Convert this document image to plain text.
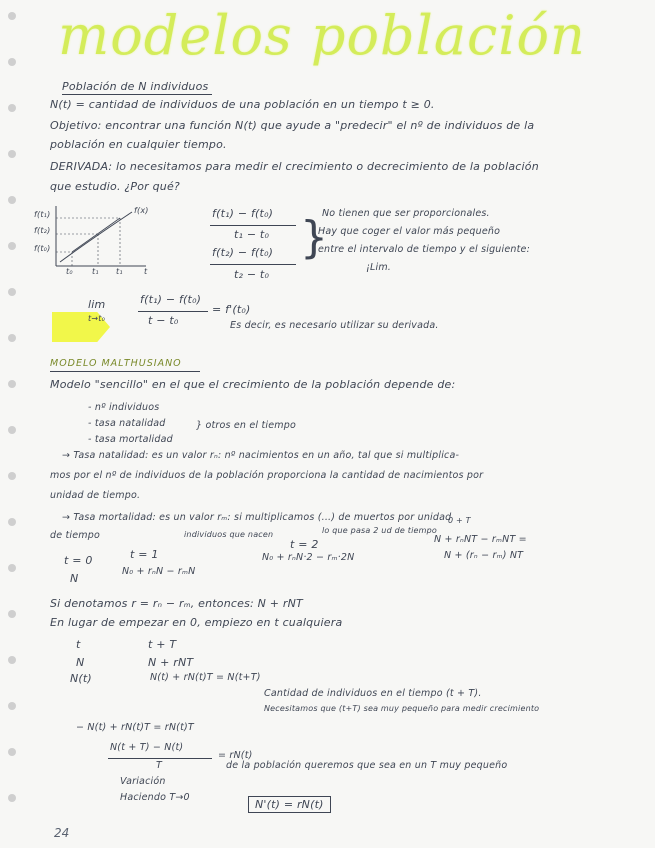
modelos población
Población de N individuos
N(t) = cantidad de individuos de una población en un tiempo t ≥ 0.
Objetivo: encontrar una función N(t) que ayude a "predecir" el nº de individuos de la
población en cualquier tiempo.
DERIVADA: lo necesitamos para medir el crecimiento o decrecimiento de la población
que estudio. ¿Por qué?
f(t₁)
f(t₂)
f(t₀)
t₀ t₁ t₁	t
f(x)	f(t₁) − f(t₀)
t₁ − t₀
f(t₂) − f(t₀)
t₂ − t₀
}
No tienen que ser proporcionales.
Hay que coger el valor más pequeño
entre el intervalo de tiempo y el siguiente:
¡Lim.
lim
t→t₀
f(t₁) − f(t₀)
t − t₀
= f'(t₀)
Es decir, es necesario utilizar su derivada.
MODELO MALTHUSIANO
Modelo "sencillo" en el que el crecimiento de la población depende de:
- nº individuos
- tasa natalidad
- tasa mortalidad
} otros en el tiempo
→ Tasa natalidad: es un valor rₙ: nº nacimientos en un año, tal que si multiplica-
mos por el nº de individuos de la población proporciona la cantidad de nacimientos por
unidad de tiempo.
→ Tasa mortalidad: es un valor rₘ: si multiplicamos (...) de muertos por unidad
de tiempo	individuos que nacen	lo que pasa 2 ud de tiempo
0 + T
t = 0
N
t = 1
N₀ + rₙN − rₘN
t = 2
N₀ + rₙN·2 − rₘ·2N
N + rₙNT − rₘNT =
N + (rₙ − rₘ) NT
Si denotamos r = rₙ − rₘ, entonces: N + rNT
En lugar de empezar en 0, empiezo en t cualquiera
t
N
N(t)
t + T
N + rNT
N(t) + rN(t)T = N(t+T)
Cantidad de individuos en el tiempo (t + T).
Necesitamos que (t+T) sea muy pequeño para medir crecimiento
− N(t) + rN(t)T = rN(t)T
N(t + T) − N(t)
T
= rN(t)
de la población queremos que sea en un T muy pequeño
Variación
Haciendo T→0
N'(t) = rN(t)
24
